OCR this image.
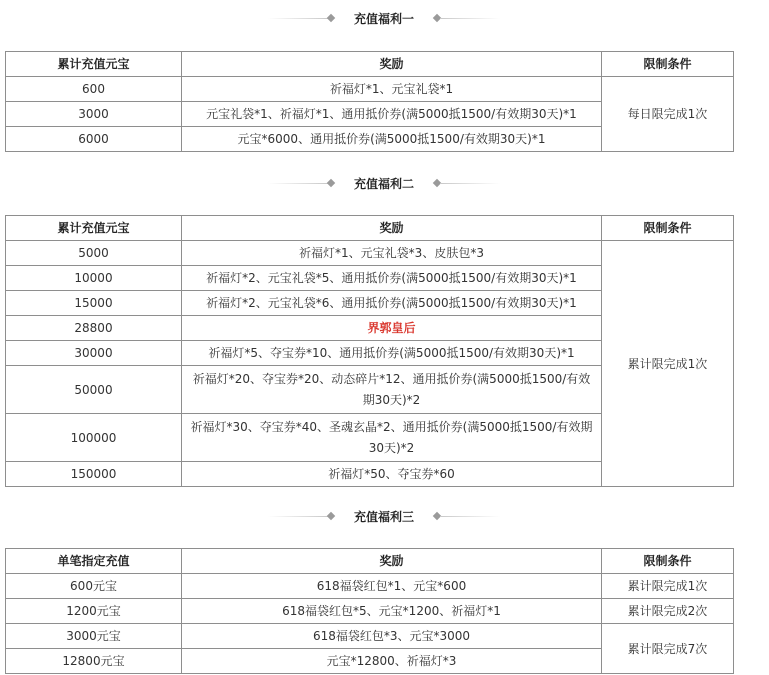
充值福利一
累计充值元宝	奖励	限制条件
600	祈福灯*1、元宝礼袋*1	每日限完成1次
3000	元宝礼袋*1、祈福灯*1、通用抵价券(满5000抵1500/有效期30天)*1	
6000	元宝*6000、通用抵价券(满5000抵1500/有效期30天)*1	
充值福利二
累计充值元宝	奖励	限制条件
5000	祈福灯*1、元宝礼袋*3、皮肤包*3	累计限完成1次
10000	祈福灯*2、元宝礼袋*5、通用抵价券(满5000抵1500/有效期30天)*1	
15000	祈福灯*2、元宝礼袋*6、通用抵价券(满5000抵1500/有效期30天)*1	
28800	界郭皇后	
30000	祈福灯*5、夺宝券*10、通用抵价券(满5000抵1500/有效期30天)*1	
50000	祈福灯*20、夺宝券*20、动态碎片*12、通用抵价券(满5000抵1500/有效
期30天)*2	

100000	祈福灯*30、夺宝券*40、圣魂玄晶*2、通用抵价券(满5000抵1500/有效期
30天)*2	

150000	祈福灯*50、夺宝券*60	
充值福利三
单笔指定充值	奖励	限制条件
600元宝	618福袋红包*1、元宝*600	累计限完成1次
1200元宝	618福袋红包*5、元宝*1200、祈福灯*1	累计限完成2次
3000元宝	618福袋红包*3、元宝*3000	累计限完成7次
12800元宝	元宝*12800、祈福灯*3	
